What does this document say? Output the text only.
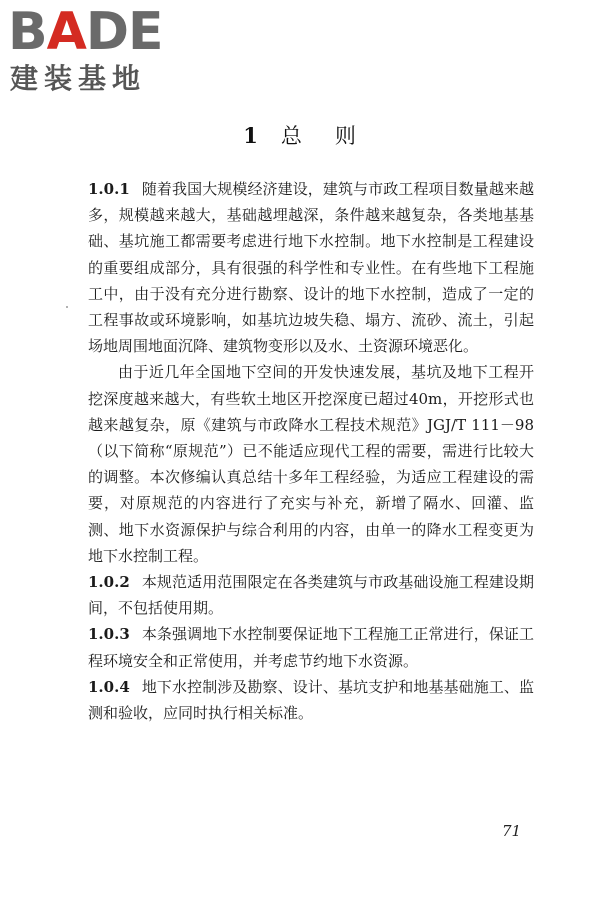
BADE
建装基地
1 总 则

1.0.1 随着我国大规模经济建设，建筑与市政工程项目数量越来越多，规模越来越大，基础越埋越深，条件越来越复杂，各类地基基础、基坑施工都需要考虑进行地下水控制。地下水控制是工程建设的重要组成部分，具有很强的科学性和专业性。在有些地下工程施工中，由于没有充分进行勘察、设计的地下水控制，造成了一定的工程事故或环境影响，如基坑边坡失稳、塌方、流砂、流土，引起场地周围地面沉降、建筑物变形以及水、土资源环境恶化。

由于近几年全国地下空间的开发快速发展，基坑及地下工程开挖深度越来越大，有些软土地区开挖深度已超过40m，开挖形式也越来越复杂，原《建筑与市政降水工程技术规范》JGJ/T 111－98（以下简称“原规范”）已不能适应现代工程的需要，需进行比较大的调整。本次修编认真总结十多年工程经验，为适应工程建设的需要，对原规范的内容进行了充实与补充，新增了隔水、回灌、监测、地下水资源保护与综合利用的内容，由单一的降水工程变更为地下水控制工程。

1.0.2 本规范适用范围限定在各类建筑与市政基础设施工程建设期间，不包括使用期。

1.0.3 本条强调地下水控制要保证地下工程施工正常进行，保证工程环境安全和正常使用，并考虑节约地下水资源。

1.0.4 地下水控制涉及勘察、设计、基坑支护和地基基础施工、监测和验收，应同时执行相关标准。

71
